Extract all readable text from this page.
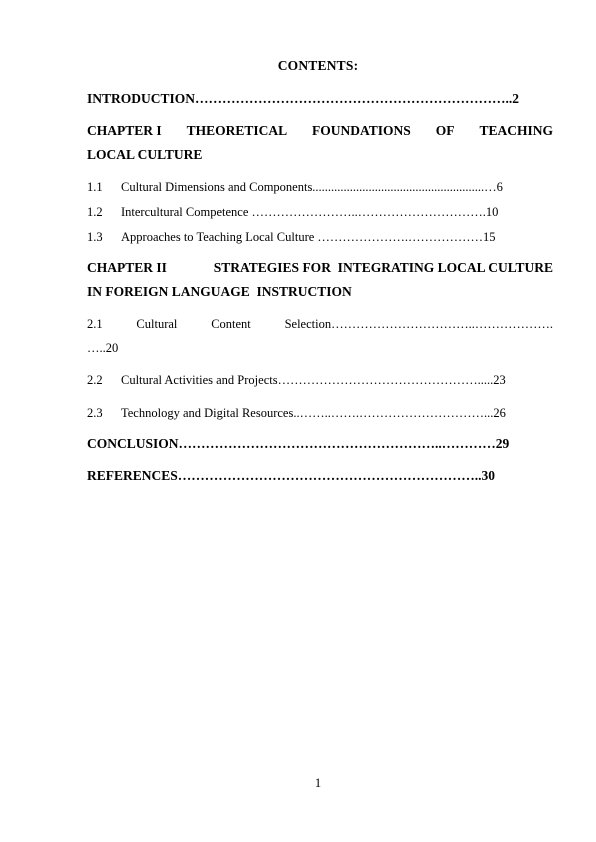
CONTENTS:
INTRODUCTION……………………………………………………………..2
CHAPTER I THEORETICAL FOUNDATIONS OF TEACHING
LOCAL CULTURE
1.1 Cultural Dimensions and Components.......................................................…6
1.2 Intercultural Competence ……………………..………………………….10
1.3 Approaches to Teaching Local Culture ………………….………………15
CHAPTER II	STRATEGIES FOR  INTEGRATING LOCAL CULTURE
IN FOREIGN LANGUAGE  INSTRUCTION
2.1	Cultural	Content	Selection……………………………..……………….
…..20
2.2 Cultural Activities and Projects………………………………………….....23
2.3 Technology and Digital Resources..……..…….…………………………...26
CONCLUSION…………………………………………………..…………29
REFERENCES…………………………………………………………..30
1
